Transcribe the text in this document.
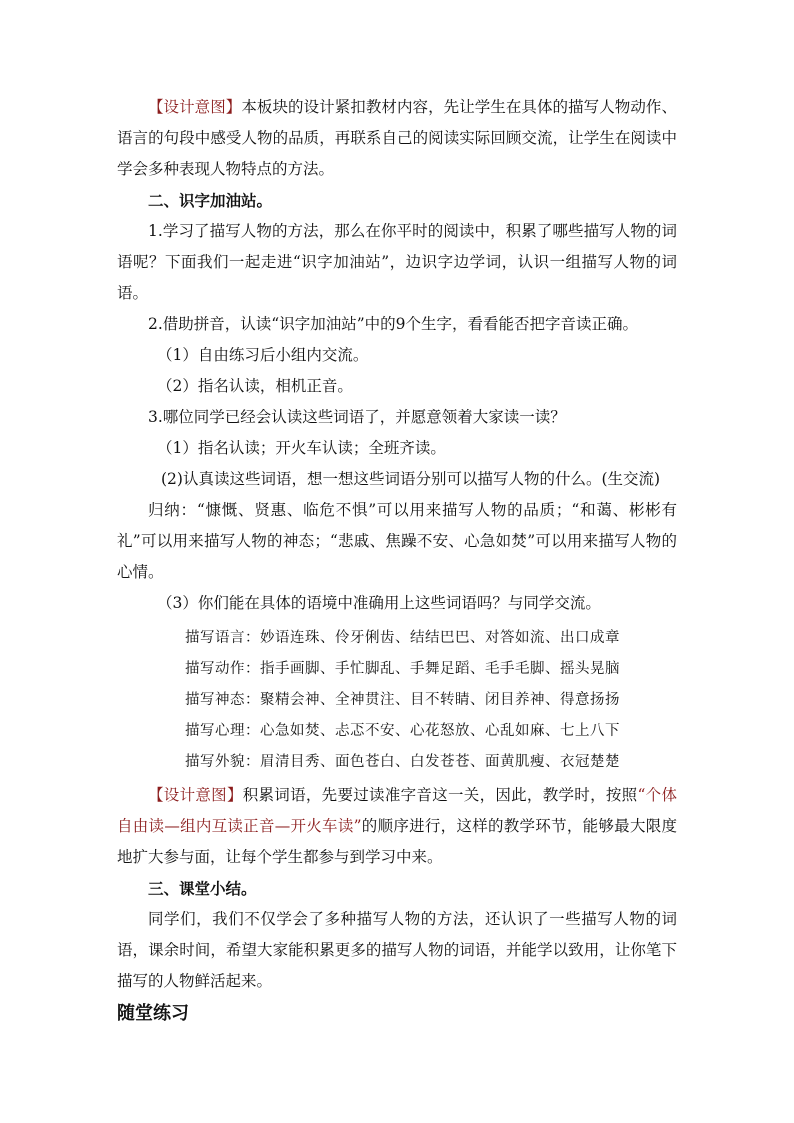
【设计意图】本板块的设计紧扣教材内容，先让学生在具体的描写人物动作、语言的句段中感受人物的品质，再联系自己的阅读实际回顾交流，让学生在阅读中学会多种表现人物特点的方法。

二、识字加油站。

1.学习了描写人物的方法，那么在你平时的阅读中，积累了哪些描写人物的词语呢？下面我们一起走进“识字加油站”，边识字边学词，认识一组描写人物的词语。

2.借助拼音，认读“识字加油站”中的9个生字，看看能否把字音读正确。

（1）自由练习后小组内交流。

（2）指名认读，相机正音。

3.哪位同学已经会认读这些词语了，并愿意领着大家读一读？

（1）指名认读；开火车认读；全班齐读。

(2)认真读这些词语，想一想这些词语分别可以描写人物的什么。(生交流)

归纳：“慷慨、贤惠、临危不惧”可以用来描写人物的品质；“和蔼、彬彬有礼”可以用来描写人物的神态；“悲戚、焦躁不安、心急如焚”可以用来描写人物的心情。

（3）你们能在具体的语境中准确用上这些词语吗？与同学交流。

描写语言：妙语连珠、伶牙俐齿、结结巴巴、对答如流、出口成章
描写动作：指手画脚、手忙脚乱、手舞足蹈、毛手毛脚、摇头晃脑
描写神态：聚精会神、全神贯注、目不转睛、闭目养神、得意扬扬
描写心理：心急如焚、忐忑不安、心花怒放、心乱如麻、七上八下
描写外貌：眉清目秀、面色苍白、白发苍苍、面黄肌瘦、衣冠楚楚

【设计意图】积累词语，先要过读准字音这一关，因此，教学时，按照“个体自由读—组内互读正音—开火车读”的顺序进行，这样的教学环节，能够最大限度地扩大参与面，让每个学生都参与到学习中来。

三、课堂小结。

同学们，我们不仅学会了多种描写人物的方法，还认识了一些描写人物的词语，课余时间，希望大家能积累更多的描写人物的词语，并能学以致用，让你笔下描写的人物鲜活起来。

随堂练习
